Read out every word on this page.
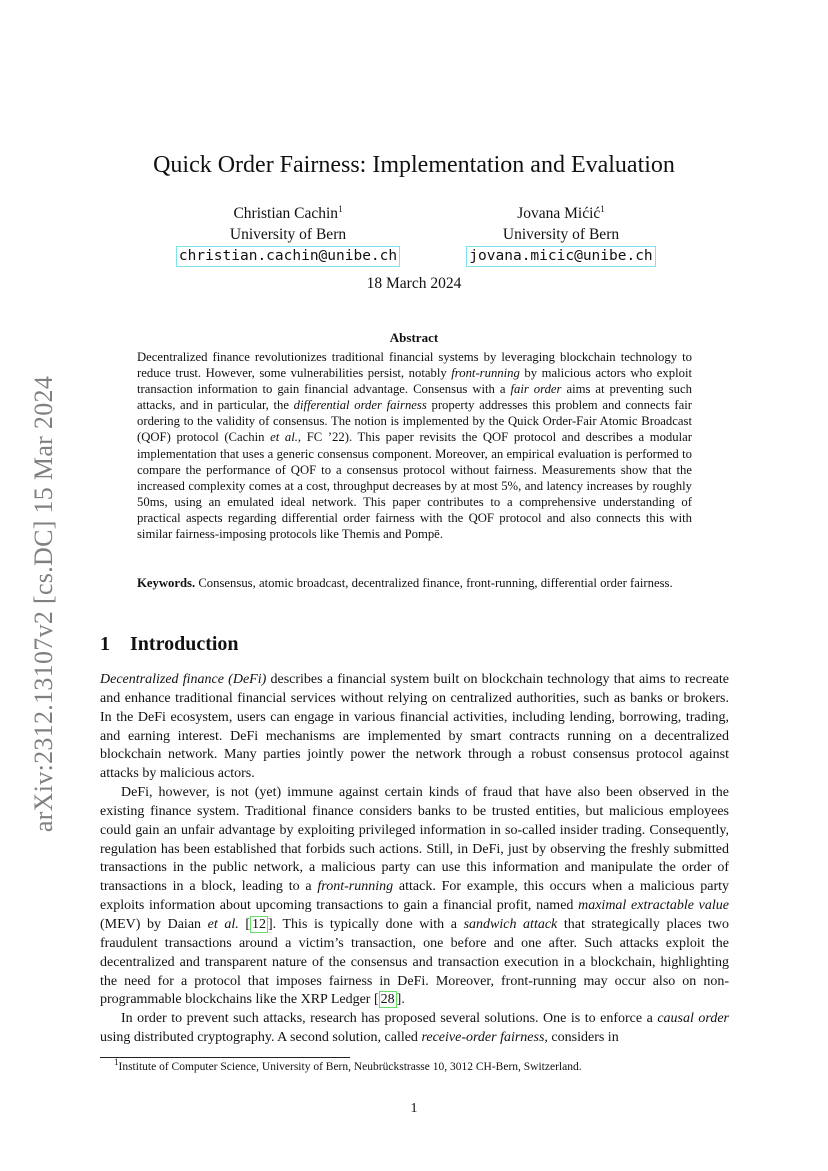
arXiv:2312.13107v2 [cs.DC] 15 Mar 2024
Quick Order Fairness: Implementation and Evaluation
Christian Cachin$^1$
University of Bern
christian.cachin@unibe.ch
Jovana Mićić$^1$
University of Bern
jovana.micic@unibe.ch
18 March 2024
Abstract

Decentralized finance revolutionizes traditional financial systems by leveraging blockchain technology to reduce trust. However, some vulnerabilities persist, notably front-running by malicious actors who exploit transaction information to gain financial advantage. Consensus with a fair order aims at preventing such attacks, and in particular, the differential order fairness property addresses this problem and connects fair ordering to the validity of consensus. The notion is implemented by the Quick Order-Fair Atomic Broadcast (QOF) protocol (Cachin et al., FC ’22). This paper revisits the QOF protocol and describes a modular implementation that uses a generic consensus component. Moreover, an empirical evaluation is performed to compare the performance of QOF to a consensus protocol without fairness. Measurements show that the increased complexity comes at a cost, throughput decreases by at most 5%, and latency increases by roughly 50ms, using an emulated ideal network. This paper contributes to a comprehensive understanding of practical aspects regarding differential order fairness with the QOF protocol and also connects this with similar fairness-imposing protocols like Themis and Pompē.

Keywords. Consensus, atomic broadcast, decentralized finance, front-running, differential order fairness.

1 Introduction

Decentralized finance (DeFi) describes a financial system built on blockchain technology that aims to recreate and enhance traditional financial services without relying on centralized authorities, such as banks or brokers. In the DeFi ecosystem, users can engage in various financial activities, including lending, borrowing, trading, and earning interest. DeFi mechanisms are implemented by smart contracts running on a decentralized blockchain network. Many parties jointly power the network through a robust consensus protocol against attacks by malicious actors.

DeFi, however, is not (yet) immune against certain kinds of fraud that have also been observed in the existing finance system. Traditional finance considers banks to be trusted entities, but malicious employees could gain an unfair advantage by exploiting privileged information in so-called insider trading. Consequently, regulation has been established that forbids such actions. Still, in DeFi, just by observing the freshly submitted transactions in the public network, a malicious party can use this information and manipulate the order of transactions in a block, leading to a front-running attack. For example, this occurs when a malicious party exploits information about upcoming transactions to gain a financial profit, named maximal extractable value (MEV) by Daian et al. [ 12 ]. This is typically done with a sandwich attack that strategically places two fraudulent transactions around a victim’s transaction, one before and one after. Such attacks exploit the decentralized and transparent nature of the consensus and transaction execution in a blockchain, highlighting the need for a protocol that imposes fairness in DeFi. Moreover, front-running may occur also on non-programmable blockchains like the XRP Ledger [ 28 ].

In order to prevent such attacks, research has proposed several solutions. One is to enforce a causal order using distributed cryptography. A second solution, called receive-order fairness, considers in

$^1$Institute of Computer Science, University of Bern, Neubrückstrasse 10, 3012 CH-Bern, Switzerland.
1
